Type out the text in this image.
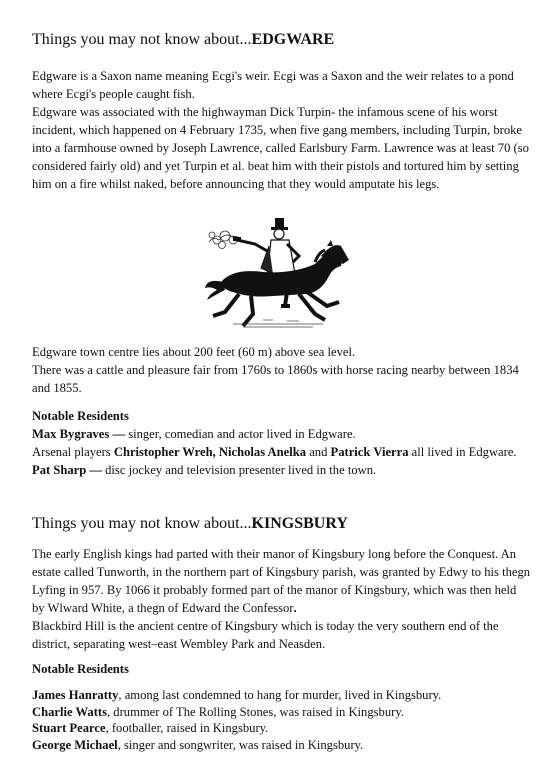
Things you may not know about...EDGWARE

Edgware is a Saxon name meaning Ecgi's weir. Ecgi was a Saxon and the weir relates to a pond where Ecgi's people caught fish.

Edgware was associated with the highwayman Dick Turpin- the infamous scene of his worst incident, which happened on 4 February 1735, when five gang members, including Turpin, broke into a farmhouse owned by Joseph Lawrence, called Earlsbury Farm. Lawrence was at least 70 (so considered fairly old) and yet Turpin et al. beat him with their pistols and tortured him by setting him on a fire whilst naked, before announcing that they would amputate his legs.

Edgware town centre lies about 200 feet (60 m) above sea level.

There was a cattle and pleasure fair from 1760s to 1860s with horse racing nearby between 1834 and 1855.

Notable Residents

Max Bygraves — singer, comedian and actor lived in Edgware.

Arsenal players Christopher Wreh, Nicholas Anelka and Patrick Vierra all lived in Edgware.

Pat Sharp — disc jockey and television presenter lived in the town.

Things you may not know about...KINGSBURY

The early English kings had parted with their manor of Kingsbury long before the Conquest. An estate called Tunworth, in the northern part of Kingsbury parish, was granted by Edwy to his thegn Lyfing in 957. By 1066 it probably formed part of the manor of Kingsbury, which was then held by Wlward White, a thegn of Edward the Confessor.

Blackbird Hill is the ancient centre of Kingsbury which is today the very southern end of the district, separating west–east Wembley Park and Neasden.

Notable Residents

James Hanratty, among last condemned to hang for murder, lived in Kingsbury.

Charlie Watts, drummer of The Rolling Stones, was raised in Kingsbury.

Stuart Pearce, footballer, raised in Kingsbury.

George Michael, singer and songwriter, was raised in Kingsbury.
